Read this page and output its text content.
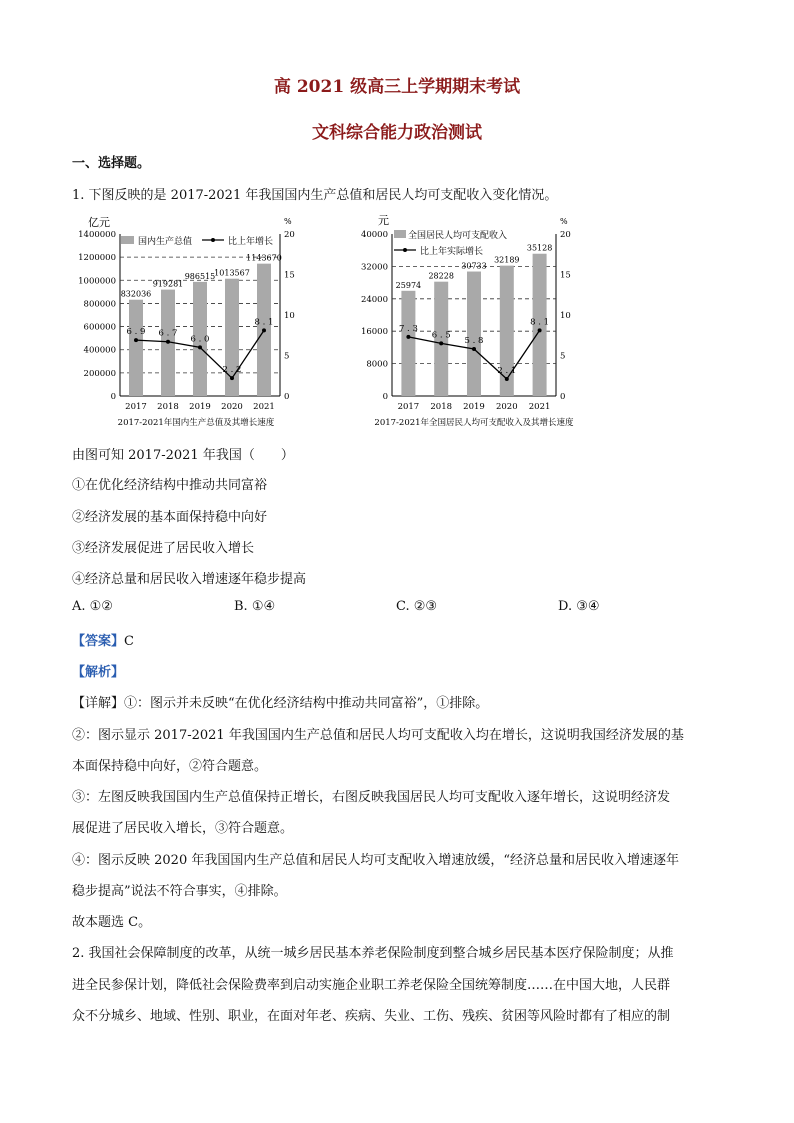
高 2021 级高三上学期期末考试
文科综合能力政治测试
一、选择题。
1. 下图反映的是 2017-2021 年我国国内生产总值和居民人均可支配收入变化情况。
亿元	%
832036
919281
986515
1013567
1143670
6 . 9 6 . 7
6 . 0
2 . 2
8 . 1
0
200000
400000
600000
800000
1000000
1200000
1400000
0
5
10
15
20
2017 2018 2019 2020 2021
国内生产总值	比上年增长
2017-2021年国内生产总值及其增长速度
元	%
25974
28228
30733
32189
35128
7 . 3
6 . 5
5 . 8
2 . 1
8 . 1
0
8000
16000
24000
32000
40000
0
5
10
15
20
2017 2018 2019 2020 2021
全国居民人均可支配收入
比上年实际增长
2017-2021年全国居民人均可支配收入及其增长速度
由图可知 2017-2021 年我国（　　）
①在优化经济结构中推动共同富裕
②经济发展的基本面保持稳中向好
③经济发展促进了居民收入增长
④经济总量和居民收入增速逐年稳步提高
A. ①②	B. ①④	C. ②③	D. ③④
【答案】C
【解析】
【详解】①：图示并未反映“在优化经济结构中推动共同富裕”，①排除。
②：图示显示 2017-2021 年我国国内生产总值和居民人均可支配收入均在增长，这说明我国经济发展的基
本面保持稳中向好，②符合题意。
③：左图反映我国国内生产总值保持正增长，右图反映我国居民人均可支配收入逐年增长，这说明经济发
展促进了居民收入增长，③符合题意。
④：图示反映 2020 年我国国内生产总值和居民人均可支配收入增速放缓，“经济总量和居民收入增速逐年
稳步提高”说法不符合事实，④排除。
故本题选 C。
2. 我国社会保障制度的改革，从统一城乡居民基本养老保险制度到整合城乡居民基本医疗保险制度；从推
进全民参保计划，降低社会保险费率到启动实施企业职工养老保险全国统筹制度……在中国大地，人民群
众不分城乡、地域、性别、职业，在面对年老、疾病、失业、工伤、残疾、贫困等风险时都有了相应的制
